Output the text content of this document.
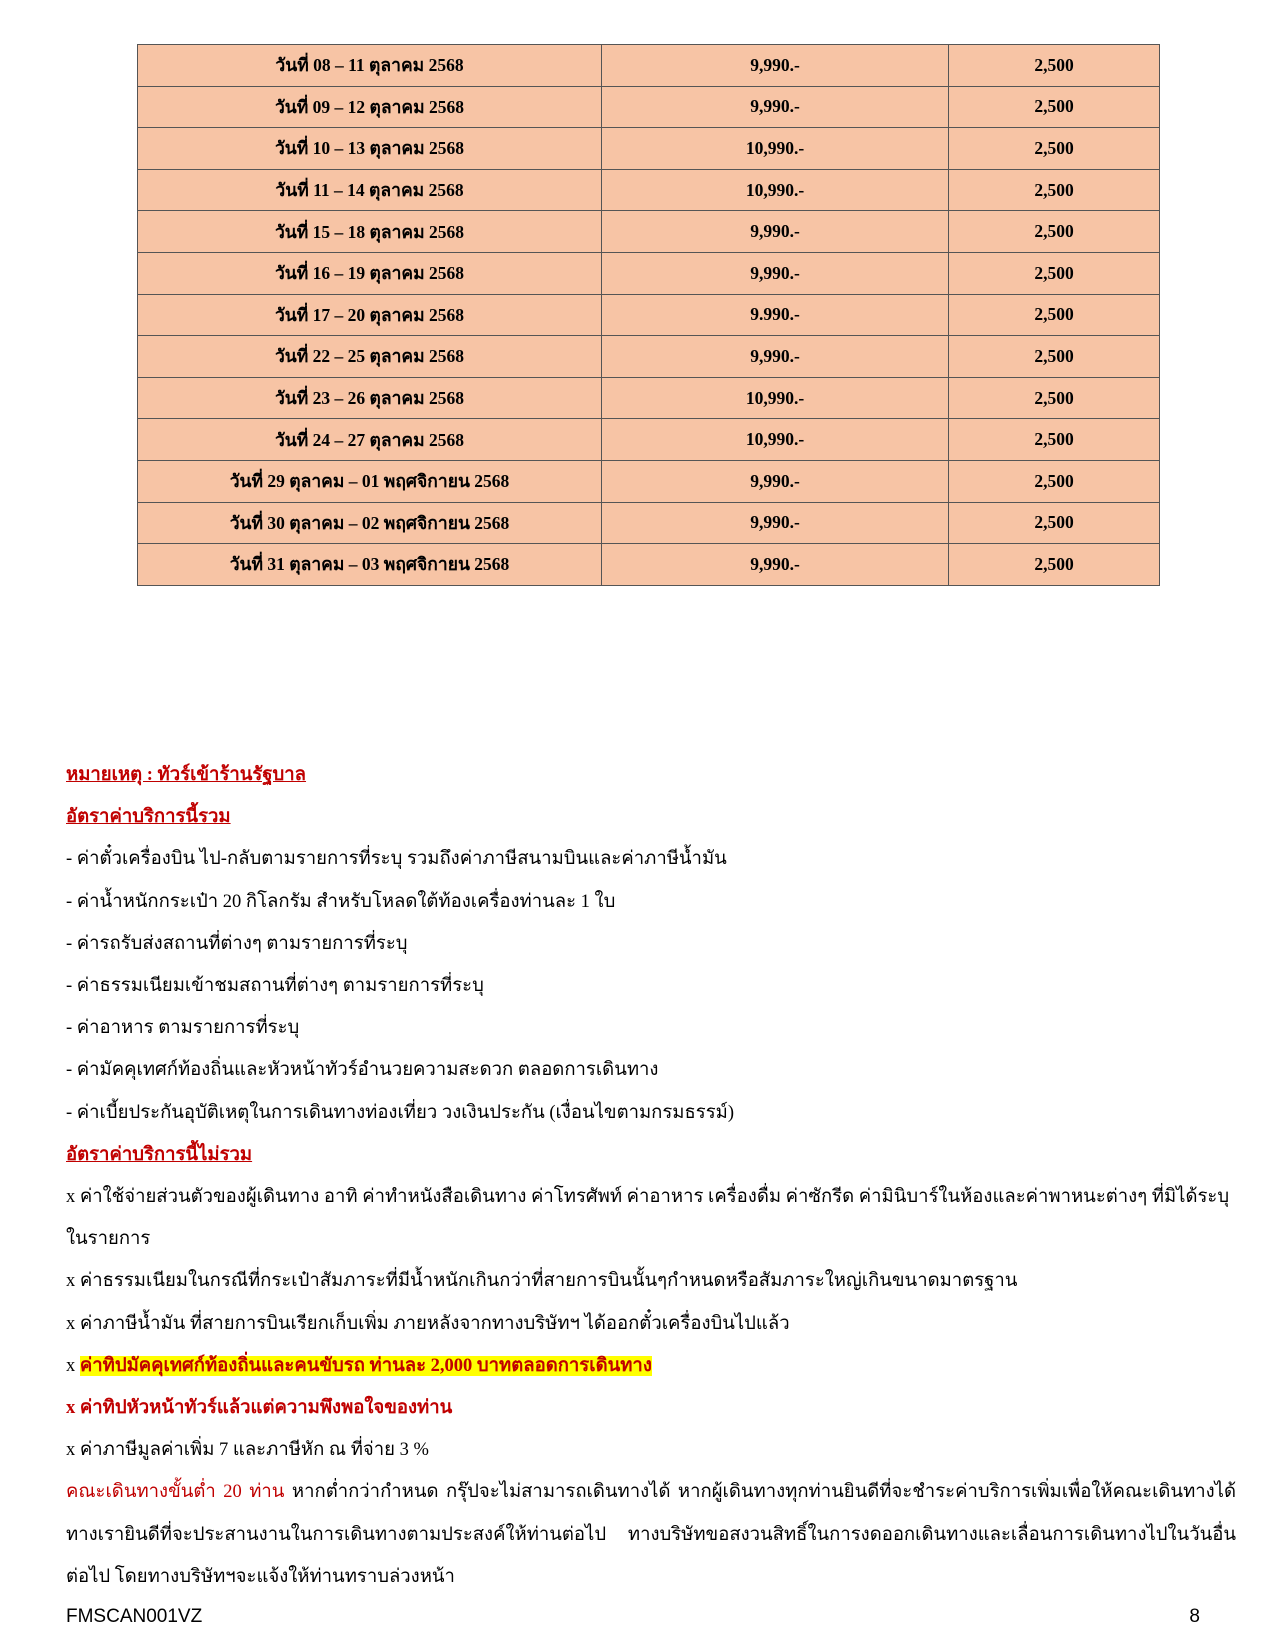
วันที่ 08 – 11 ตุลาคม 2568	9,990.-	2,500
วันที่ 09 – 12 ตุลาคม 2568	9,990.-	2,500
วันที่ 10 – 13 ตุลาคม 2568	10,990.-	2,500
วันที่ 11 – 14 ตุลาคม 2568	10,990.-	2,500
วันที่ 15 – 18 ตุลาคม 2568	9,990.-	2,500
วันที่ 16 – 19 ตุลาคม 2568	9,990.-	2,500
วันที่ 17 – 20 ตุลาคม 2568	9.990.-	2,500
วันที่ 22 – 25 ตุลาคม 2568	9,990.-	2,500
วันที่ 23 – 26 ตุลาคม 2568	10,990.-	2,500
วันที่ 24 – 27 ตุลาคม 2568	10,990.-	2,500
วันที่ 29 ตุลาคม – 01 พฤศจิกายน 2568	9,990.-	2,500
วันที่ 30 ตุลาคม – 02 พฤศจิกายน 2568	9,990.-	2,500
วันที่ 31 ตุลาคม – 03 พฤศจิกายน 2568	9,990.-	2,500

หมายเหตุ : ทัวร์เข้าร้านรัฐบาล

อัตราค่าบริการนี้รวม

- ค่าตั๋วเครื่องบิน ไป-กลับตามรายการที่ระบุ รวมถึงค่าภาษีสนามบินและค่าภาษีน้ำมัน

- ค่าน้ำหนักกระเป๋า 20 กิโลกรัม สำหรับโหลดใต้ท้องเครื่องท่านละ 1 ใบ

- ค่ารถรับส่งสถานที่ต่างๆ ตามรายการที่ระบุ

- ค่าธรรมเนียมเข้าชมสถานที่ต่างๆ ตามรายการที่ระบุ

- ค่าอาหาร ตามรายการที่ระบุ

- ค่ามัคคุเทศก์ท้องถิ่นและหัวหน้าทัวร์อำนวยความสะดวก ตลอดการเดินทาง

- ค่าเบี้ยประกันอุบัติเหตุในการเดินทางท่องเที่ยว วงเงินประกัน (เงื่อนไขตามกรมธรรม์)

อัตราค่าบริการนี้ไม่รวม

x ค่าใช้จ่ายส่วนตัวของผู้เดินทาง อาทิ ค่าทำหนังสือเดินทาง ค่าโทรศัพท์ ค่าอาหาร เครื่องดื่ม ค่าซักรีด ค่ามินิบาร์ในห้องและค่าพาหนะต่างๆ ที่มิได้ระบุในรายการ

x ค่าธรรมเนียมในกรณีที่กระเป๋าสัมภาระที่มีน้ำหนักเกินกว่าที่สายการบินนั้นๆกำหนดหรือสัมภาระใหญ่เกินขนาดมาตรฐาน

x ค่าภาษีน้ำมัน ที่สายการบินเรียกเก็บเพิ่ม ภายหลังจากทางบริษัทฯ ได้ออกตั๋วเครื่องบินไปแล้ว

x ค่าทิปมัคคุเทศก์ท้องถิ่นและคนขับรถ ท่านละ 2,000 บาทตลอดการเดินทาง

x ค่าทิปหัวหน้าทัวร์แล้วแต่ความพึงพอใจของท่าน

x ค่าภาษีมูลค่าเพิ่ม 7 และภาษีหัก ณ ที่จ่าย 3 %

คณะเดินทางขั้นต่ำ 20 ท่าน หากต่ำกว่ากำหนด กรุ๊ปจะไม่สามารถเดินทางได้ หากผู้เดินทางทุกท่านยินดีที่จะชำระค่าบริการเพิ่มเพื่อให้คณะเดินทางได้ ทางเรายินดีที่จะประสานงานในการเดินทางตามประสงค์ให้ท่านต่อไป ทางบริษัทขอสงวนสิทธิ์ในการงดออกเดินทางและเลื่อนการเดินทางไปในวันอื่นต่อไป โดยทางบริษัทฯจะแจ้งให้ท่านทราบล่วงหน้า

FMSCAN001VZ	8
